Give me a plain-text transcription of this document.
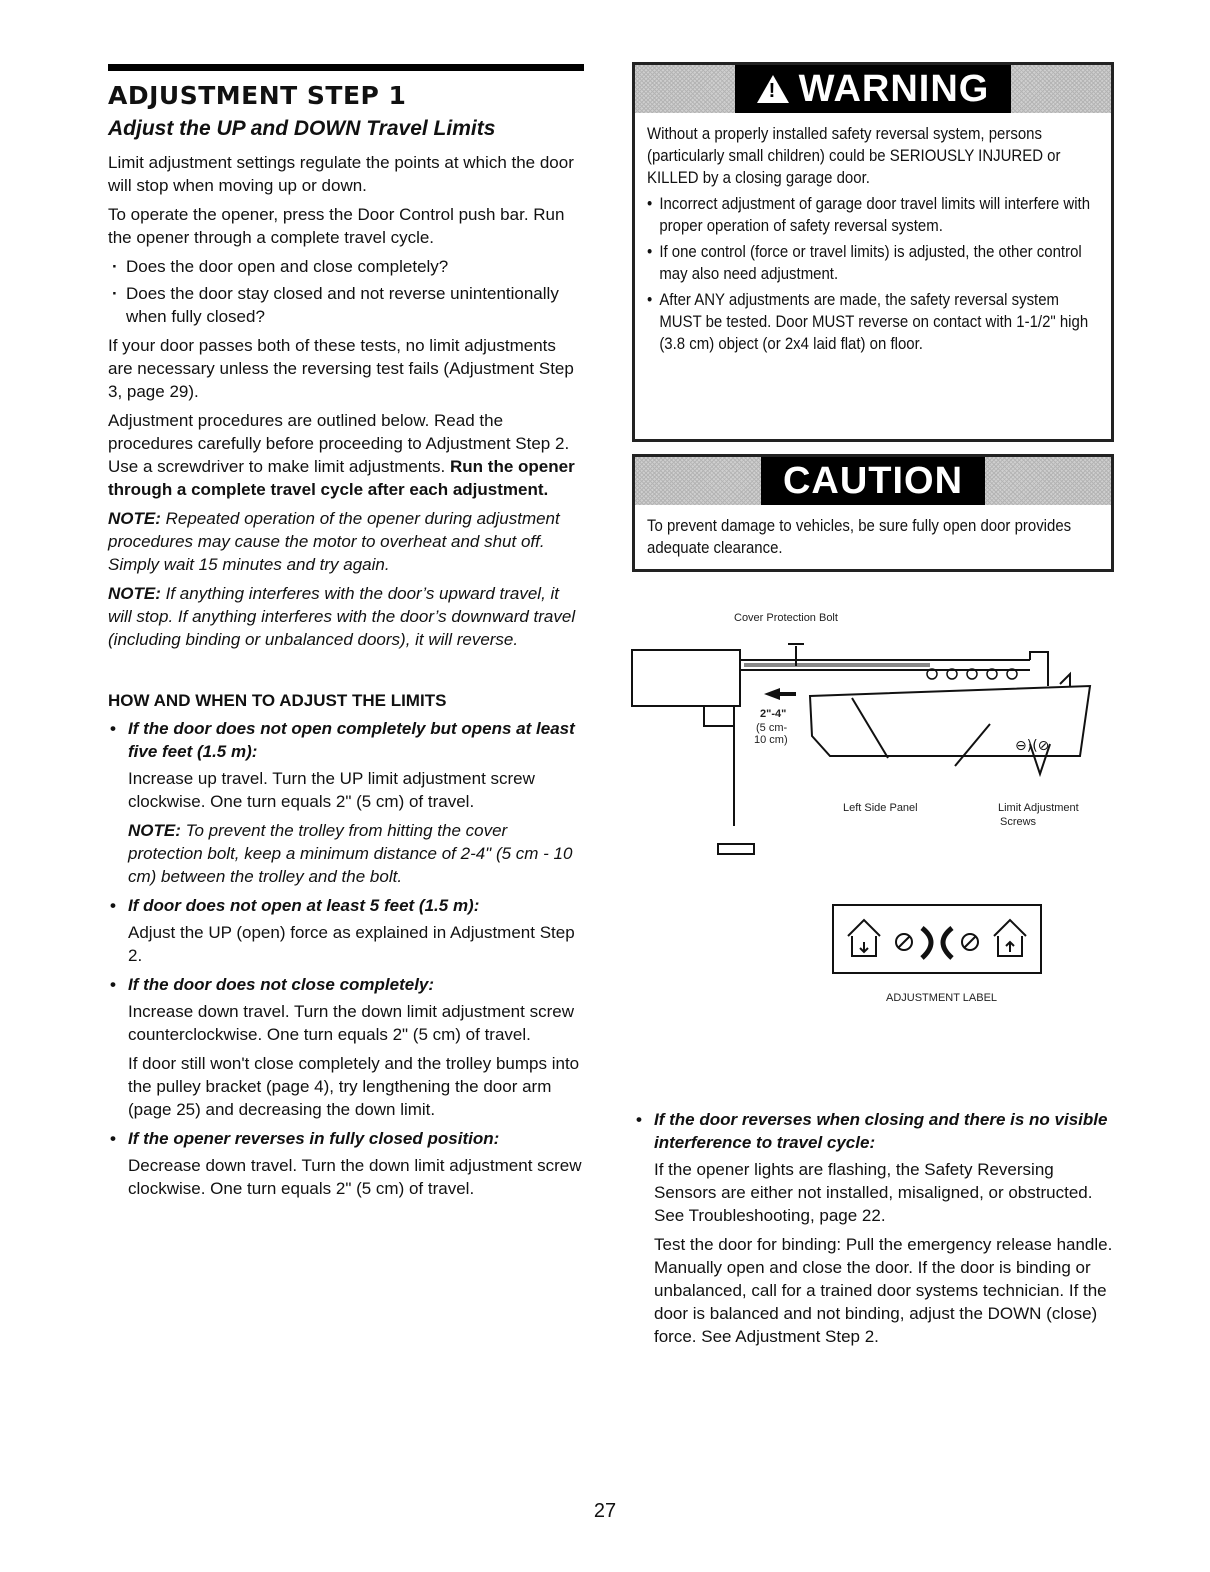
ADJUSTMENT STEP 1
Adjust the UP and DOWN Travel Limits

Limit adjustment settings regulate the points at which the door will stop when moving up or down.

To operate the opener, press the Door Control push bar. Run the opener through a complete travel cycle.

· Does the door open and close completely?
· Does the door stay closed and not reverse unintentionally when fully closed?

If your door passes both of these tests, no limit adjustments are necessary unless the reversing test fails (Adjustment Step 3, page 29).

Adjustment procedures are outlined below. Read the procedures carefully before proceeding to Adjustment Step 2. Use a screwdriver to make limit adjustments. Run the opener through a complete travel cycle after each adjustment.

NOTE: Repeated operation of the opener during adjustment procedures may cause the motor to overheat and shut off. Simply wait 15 minutes and try again.

NOTE: If anything interferes with the door’s upward travel, it will stop. If anything interferes with the door’s downward travel (including binding or unbalanced doors), it will reverse.

HOW AND WHEN TO ADJUST THE LIMITS
• If the door does not open completely but opens at least five feet (1.5 m):

Increase up travel. Turn the UP limit adjustment screw clockwise. One turn equals 2" (5 cm) of travel.

NOTE: To prevent the trolley from hitting the cover protection bolt, keep a minimum distance of 2-4" (5 cm - 10 cm) between the trolley and the bolt.

• If door does not open at least 5 feet (1.5 m):

Adjust the UP (open) force as explained in Adjustment Step 2.

• If the door does not close completely:

Increase down travel. Turn the down limit adjustment screw counterclockwise. One turn equals 2" (5 cm) of travel.

If door still won't close completely and the trolley bumps into the pulley bracket (page 4), try lengthening the door arm (page 25) and decreasing the down limit.

• If the opener reverses in fully closed position:

Decrease down travel. Turn the down limit adjustment screw clockwise. One turn equals 2" (5 cm) of travel.

! WARNING

Without a properly installed safety reversal system, persons (particularly small children) could be SERIOUSLY INJURED or KILLED by a closing garage door.

• Incorrect adjustment of garage door travel limits will interfere with proper operation of safety reversal system.
• If one control (force or travel limits) is adjusted, the other control may also need adjustment.
• After ANY adjustments are made, the safety reversal system MUST be tested. Door MUST reverse on contact with 1-1/2" high (3.8 cm) object (or 2x4 laid flat) on floor.
CAUTION

To prevent damage to vehicles, be sure fully open door provides adequate clearance.

Cover Protection Bolt
⊖)(⊘
2"-4"
(5 cm-
10 cm)
Left Side Panel	Limit Adjustment
Screws
ADJUSTMENT LABEL
• If the door reverses when closing and there is no visible interference to travel cycle:

If the opener lights are flashing, the Safety Reversing Sensors are either not installed, misaligned, or obstructed. See Troubleshooting, page 22.

Test the door for binding: Pull the emergency release handle. Manually open and close the door. If the door is binding or unbalanced, call for a trained door systems technician. If the door is balanced and not binding, adjust the DOWN (close) force. See Adjustment Step 2.

27
